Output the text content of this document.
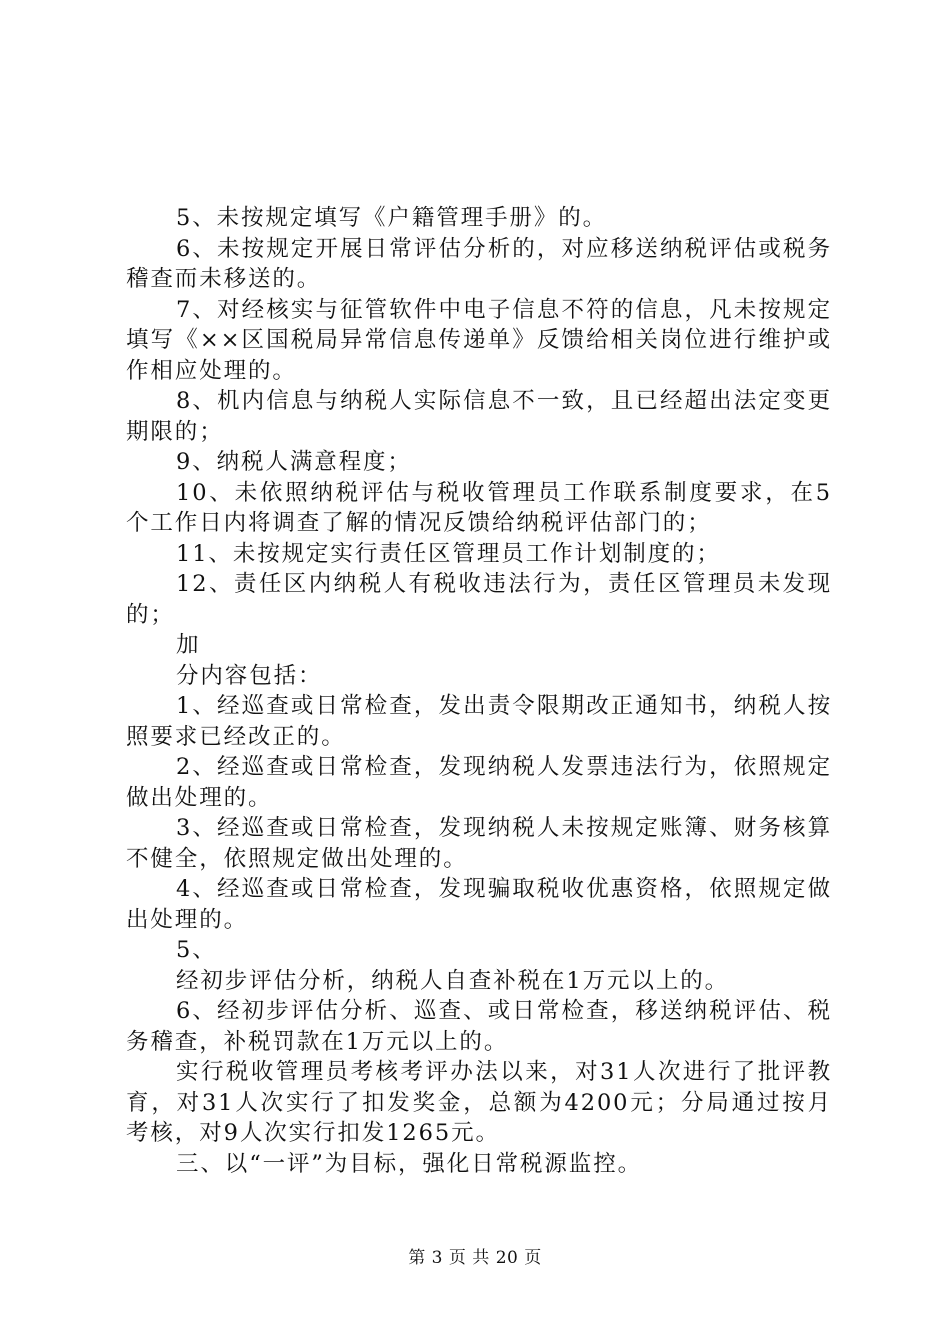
5、未按规定填写《户籍管理手册》的。

6、未按规定开展日常评估分析的，对应移送纳税评估或税务稽查而未移送的。

7、对经核实与征管软件中电子信息不符的信息，凡未按规定填写《××区国税局异常信息传递单》反馈给相关岗位进行维护或作相应处理的。

8、机内信息与纳税人实际信息不一致，且已经超出法定变更期限的；

9、纳税人满意程度；

10、未依照纳税评估与税收管理员工作联系制度要求，在5个工作日内将调查了解的情况反馈给纳税评估部门的；

11、未按规定实行责任区管理员工作计划制度的；

12、责任区内纳税人有税收违法行为，责任区管理员未发现的；

加

分内容包括：

1、经巡查或日常检查，发出责令限期改正通知书，纳税人按照要求已经改正的。

2、经巡查或日常检查，发现纳税人发票违法行为，依照规定做出处理的。

3、经巡查或日常检查，发现纳税人未按规定账簿、财务核算不健全，依照规定做出处理的。

4、经巡查或日常检查，发现骗取税收优惠资格，依照规定做出处理的。

5、

经初步评估分析，纳税人自查补税在1万元以上的。

6、经初步评估分析、巡查、或日常检查，移送纳税评估、税务稽查，补税罚款在1万元以上的。

实行税收管理员考核考评办法以来，对31人次进行了批评教育，对31人次实行了扣发奖金，总额为4200元；分局通过按月考核，对9人次实行扣发1265元。

三、以“一评”为目标，强化日常税源监控。

第 3 页 共 20 页
